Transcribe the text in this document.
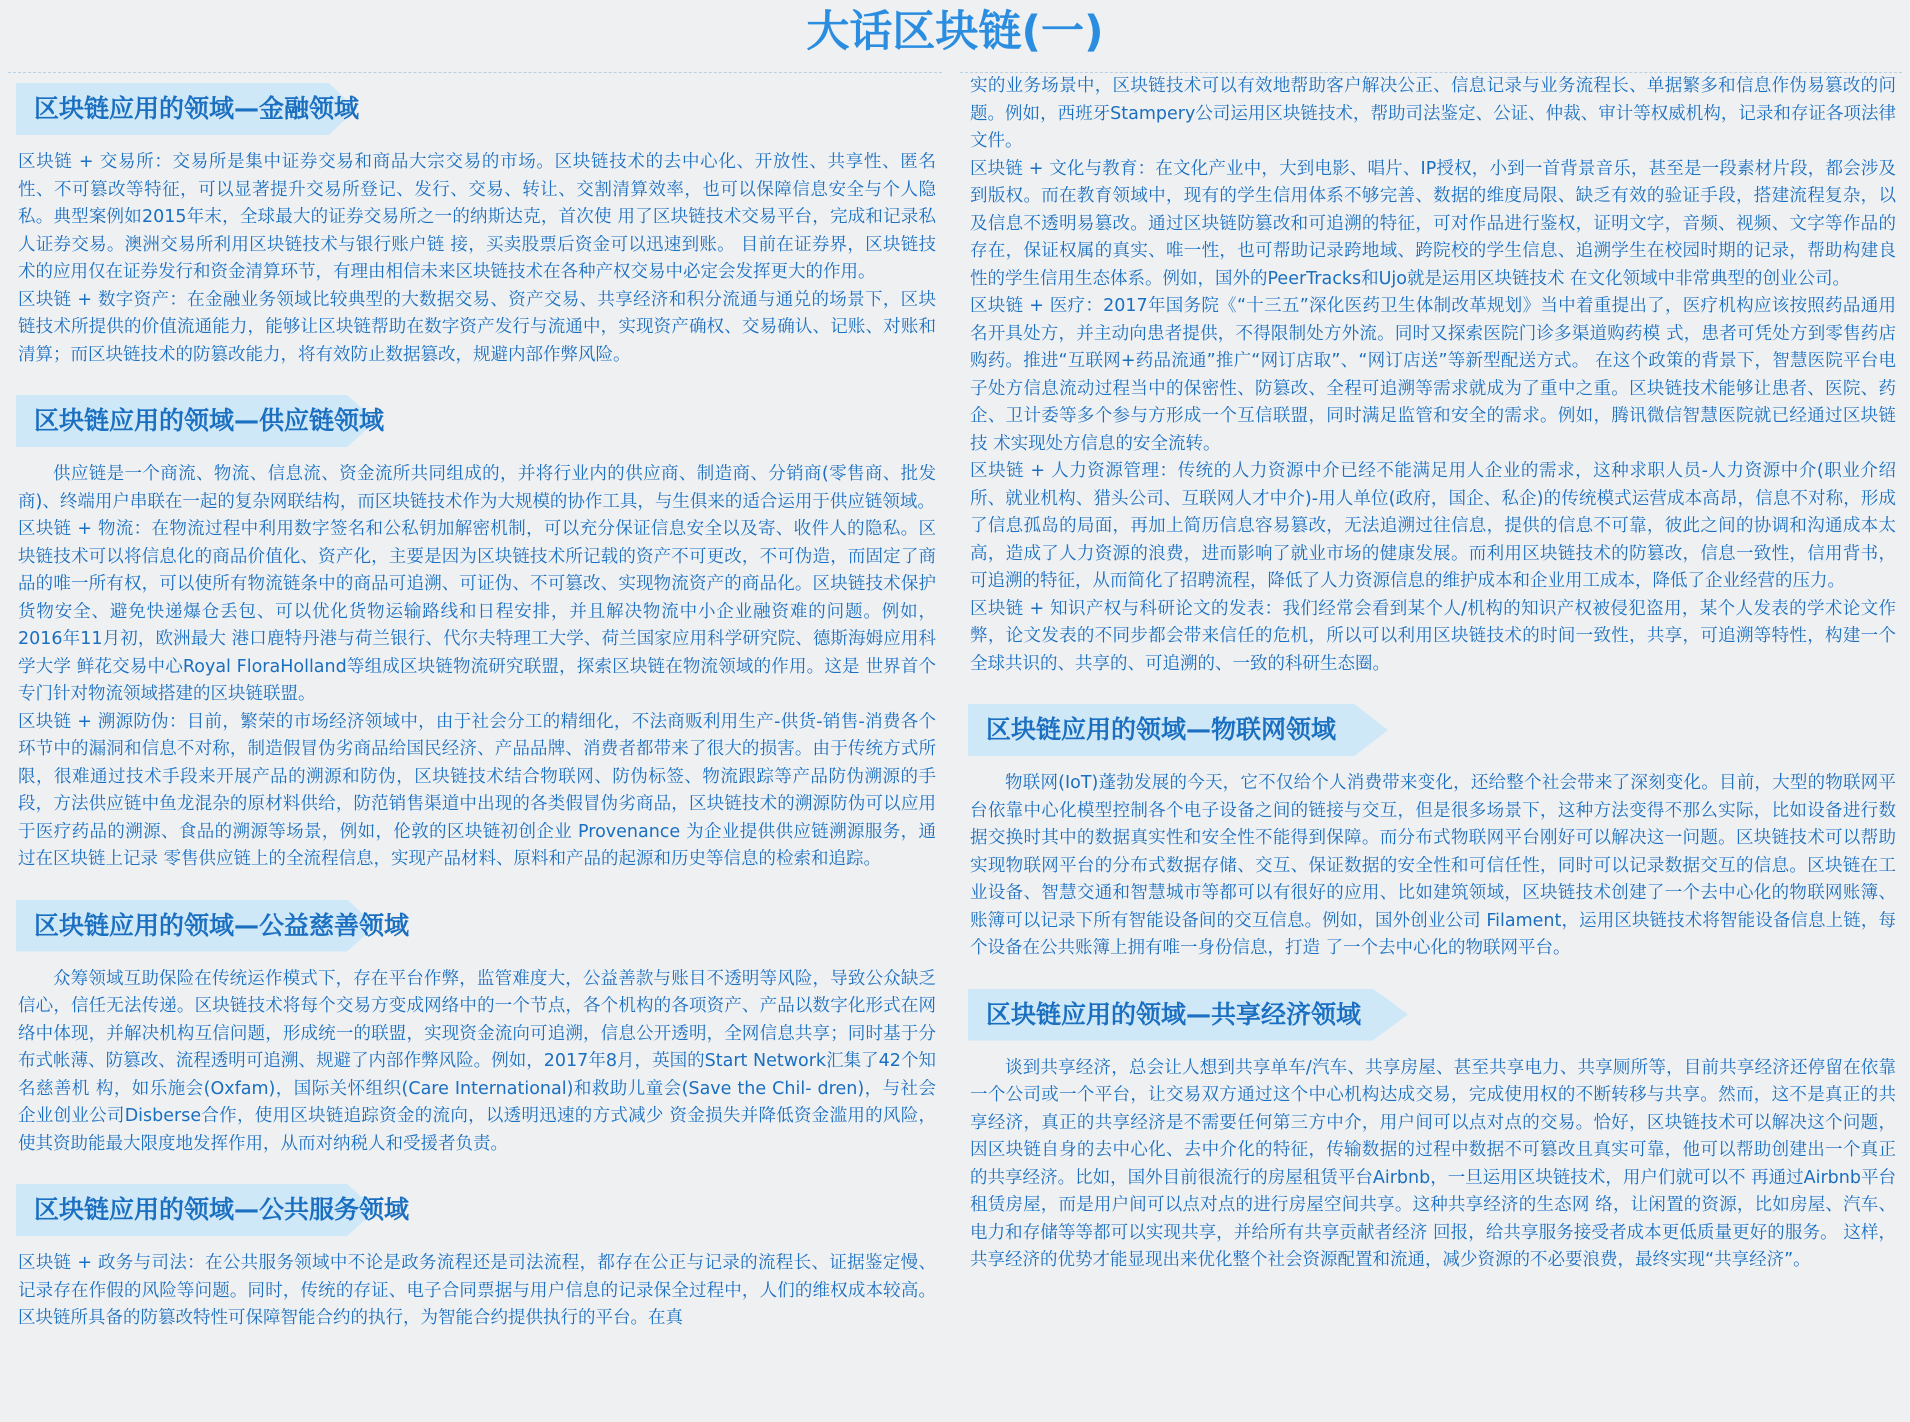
大话区块链(一)
区块链应用的领域—金融领域

区块链 + 交易所：交易所是集中证券交易和商品大宗交易的市场。区块链技术的去中心化、开放性、共享性、匿名性、不可篡改等特征，可以显著提升交易所登记、发行、交易、转让、交割清算效率，也可以保障信息安全与个人隐私。典型案例如2015年末，全球最大的证券交易所之一的纳斯达克，首次使 用了区块链技术交易平台，完成和记录私人证券交易。澳洲交易所利用区块链技术与银行账户链 接，买卖股票后资金可以迅速到账。 目前在证券界，区块链技术的应用仅在证券发行和资金清算环节，有理由相信未来区块链技术在各种产权交易中必定会发挥更大的作用。

区块链 + 数字资产：在金融业务领域比较典型的大数据交易、资产交易、共享经济和积分流通与通兑的场景下，区块链技术所提供的价值流通能力，能够让区块链帮助在数字资产发行与流通中，实现资产确权、交易确认、记账、对账和清算；而区块链技术的防篡改能力，将有效防止数据篡改，规避内部作弊风险。

区块链应用的领域—供应链领域

供应链是一个商流、物流、信息流、资金流所共同组成的，并将行业内的供应商、制造商、分销商(零售商、批发商)、终端用户串联在一起的复杂网联结构，而区块链技术作为大规模的协作工具，与生俱来的适合运用于供应链领域。

区块链 + 物流：在物流过程中利用数字签名和公私钥加解密机制，可以充分保证信息安全以及寄、收件人的隐私。区块链技术可以将信息化的商品价值化、资产化，主要是因为区块链技术所记载的资产不可更改，不可伪造，而固定了商品的唯一所有权，可以使所有物流链条中的商品可追溯、可证伪、不可篡改、实现物流资产的商品化。区块链技术保护货物安全、避免快递爆仓丢包、可以优化货物运输路线和日程安排，并且解决物流中小企业融资难的问题。例如，2016年11月初，欧洲最大 港口鹿特丹港与荷兰银行、代尔夫特理工大学、荷兰国家应用科学研究院、德斯海姆应用科学大学 鲜花交易中心Royal FloraHolland等组成区块链物流研究联盟，探索区块链在物流领域的作用。这是 世界首个专门针对物流领域搭建的区块链联盟。

区块链 + 溯源防伪：目前，繁荣的市场经济领域中，由于社会分工的精细化，不法商贩利用生产-供货-销售-消费各个环节中的漏洞和信息不对称，制造假冒伪劣商品给国民经济、产品品牌、消费者都带来了很大的损害。由于传统方式所限，很难通过技术手段来开展产品的溯源和防伪，区块链技术结合物联网、防伪标签、物流跟踪等产品防伪溯源的手段，方法供应链中鱼龙混杂的原材料供给，防范销售渠道中出现的各类假冒伪劣商品，区块链技术的溯源防伪可以应用于医疗药品的溯源、食品的溯源等场景，例如，伦敦的区块链初创企业 Provenance 为企业提供供应链溯源服务，通过在区块链上记录 零售供应链上的全流程信息，实现产品材料、原料和产品的起源和历史等信息的检索和追踪。

区块链应用的领域—公益慈善领域

众筹领域互助保险在传统运作模式下，存在平台作弊，监管难度大，公益善款与账目不透明等风险，导致公众缺乏信心，信任无法传递。区块链技术将每个交易方变成网络中的一个节点，各个机构的各项资产、产品以数字化形式在网络中体现，并解决机构互信问题，形成统一的联盟，实现资金流向可追溯，信息公开透明，全网信息共享；同时基于分布式帐薄、防篡改、流程透明可追溯、规避了内部作弊风险。例如，2017年8月，英国的Start Network汇集了42个知名慈善机 构，如乐施会(Oxfam)，国际关怀组织(Care International)和救助儿童会(Save the Chil- dren)，与社会企业创业公司Disberse合作，使用区块链追踪资金的流向，以透明迅速的方式减少 资金损失并降低资金滥用的风险，使其资助能最大限度地发挥作用，从而对纳税人和受援者负责。

区块链应用的领域—公共服务领域

区块链 + 政务与司法：在公共服务领域中不论是政务流程还是司法流程，都存在公正与记录的流程长、证据鉴定慢、记录存在作假的风险等问题。同时，传统的存证、电子合同票据与用户信息的记录保全过程中，人们的维权成本较高。区块链所具备的防篡改特性可保障智能合约的执行，为智能合约提供执行的平台。在真

实的业务场景中，区块链技术可以有效地帮助客户解决公正、信息记录与业务流程长、单据繁多和信息作伪易篡改的问题。例如，西班牙Stampery公司运用区块链技术，帮助司法鉴定、公证、仲裁、审计等权威机构，记录和存证各项法律文件。

区块链 + 文化与教育：在文化产业中，大到电影、唱片、IP授权，小到一首背景音乐，甚至是一段素材片段，都会涉及到版权。而在教育领域中，现有的学生信用体系不够完善、数据的维度局限、缺乏有效的验证手段，搭建流程复杂，以及信息不透明易篡改。通过区块链防篡改和可追溯的特征，可对作品进行鉴权，证明文字，音频、视频、文字等作品的存在，保证权属的真实、唯一性，也可帮助记录跨地域、跨院校的学生信息、追溯学生在校园时期的记录，帮助构建良性的学生信用生态体系。例如，国外的PeerTracks和Ujo就是运用区块链技术 在文化领域中非常典型的创业公司。

区块链 + 医疗：2017年国务院《“十三五”深化医药卫生体制改革规划》当中着重提出了，医疗机构应该按照药品通用名开具处方，并主动向患者提供，不得限制处方外流。同时又探索医院门诊多渠道购药模 式，患者可凭处方到零售药店购药。推进“互联网+药品流通”推广“网订店取”、“网订店送”等新型配送方式。 在这个政策的背景下，智慧医院平台电子处方信息流动过程当中的保密性、防篡改、全程可追溯等需求就成为了重中之重。区块链技术能够让患者、医院、药企、卫计委等多个参与方形成一个互信联盟，同时满足监管和安全的需求。例如，腾讯微信智慧医院就已经通过区块链技 术实现处方信息的安全流转。

区块链 + 人力资源管理：传统的人力资源中介已经不能满足用人企业的需求，这种求职人员-人力资源中介(职业介绍所、就业机构、猎头公司、互联网人才中介)-用人单位(政府，国企、私企)的传统模式运营成本高昂，信息不对称，形成了信息孤岛的局面，再加上简历信息容易篡改，无法追溯过往信息，提供的信息不可靠，彼此之间的协调和沟通成本太高，造成了人力资源的浪费，进而影响了就业市场的健康发展。而利用区块链技术的防篡改，信息一致性，信用背书，可追溯的特征，从而简化了招聘流程，降低了人力资源信息的维护成本和企业用工成本，降低了企业经营的压力。

区块链 + 知识产权与科研论文的发表：我们经常会看到某个人/机构的知识产权被侵犯盗用，某个人发表的学术论文作弊，论文发表的不同步都会带来信任的危机，所以可以利用区块链技术的时间一致性，共享，可追溯等特性，构建一个全球共识的、共享的、可追溯的、一致的科研生态圈。

区块链应用的领域—物联网领域

物联网(IoT)蓬勃发展的今天，它不仅给个人消费带来变化，还给整个社会带来了深刻变化。目前，大型的物联网平台依靠中心化模型控制各个电子设备之间的链接与交互，但是很多场景下，这种方法变得不那么实际，比如设备进行数据交换时其中的数据真实性和安全性不能得到保障。而分布式物联网平台刚好可以解决这一问题。区块链技术可以帮助实现物联网平台的分布式数据存储、交互、保证数据的安全性和可信任性，同时可以记录数据交互的信息。区块链在工业设备、智慧交通和智慧城市等都可以有很好的应用、比如建筑领域，区块链技术创建了一个去中心化的物联网账簿、账簿可以记录下所有智能设备间的交互信息。例如，国外创业公司 Filament，运用区块链技术将智能设备信息上链，每个设备在公共账簿上拥有唯一身份信息，打造 了一个去中心化的物联网平台。

区块链应用的领域—共享经济领域

谈到共享经济，总会让人想到共享单车/汽车、共享房屋、甚至共享电力、共享厕所等，目前共享经济还停留在依靠一个公司或一个平台，让交易双方通过这个中心机构达成交易，完成使用权的不断转移与共享。然而，这不是真正的共享经济，真正的共享经济是不需要任何第三方中介，用户间可以点对点的交易。恰好，区块链技术可以解决这个问题，因区块链自身的去中心化、去中介化的特征，传输数据的过程中数据不可篡改且真实可靠，他可以帮助创建出一个真正的共享经济。比如，国外目前很流行的房屋租赁平台Airbnb，一旦运用区块链技术，用户们就可以不 再通过Airbnb平台租赁房屋，而是用户间可以点对点的进行房屋空间共享。这种共享经济的生态网 络，让闲置的资源，比如房屋、汽车、电力和存储等等都可以实现共享，并给所有共享贡献者经济 回报，给共享服务接受者成本更低质量更好的服务。 这样，共享经济的优势才能显现出来优化整个社会资源配置和流通，减少资源的不必要浪费，最终实现“共享经济”。
